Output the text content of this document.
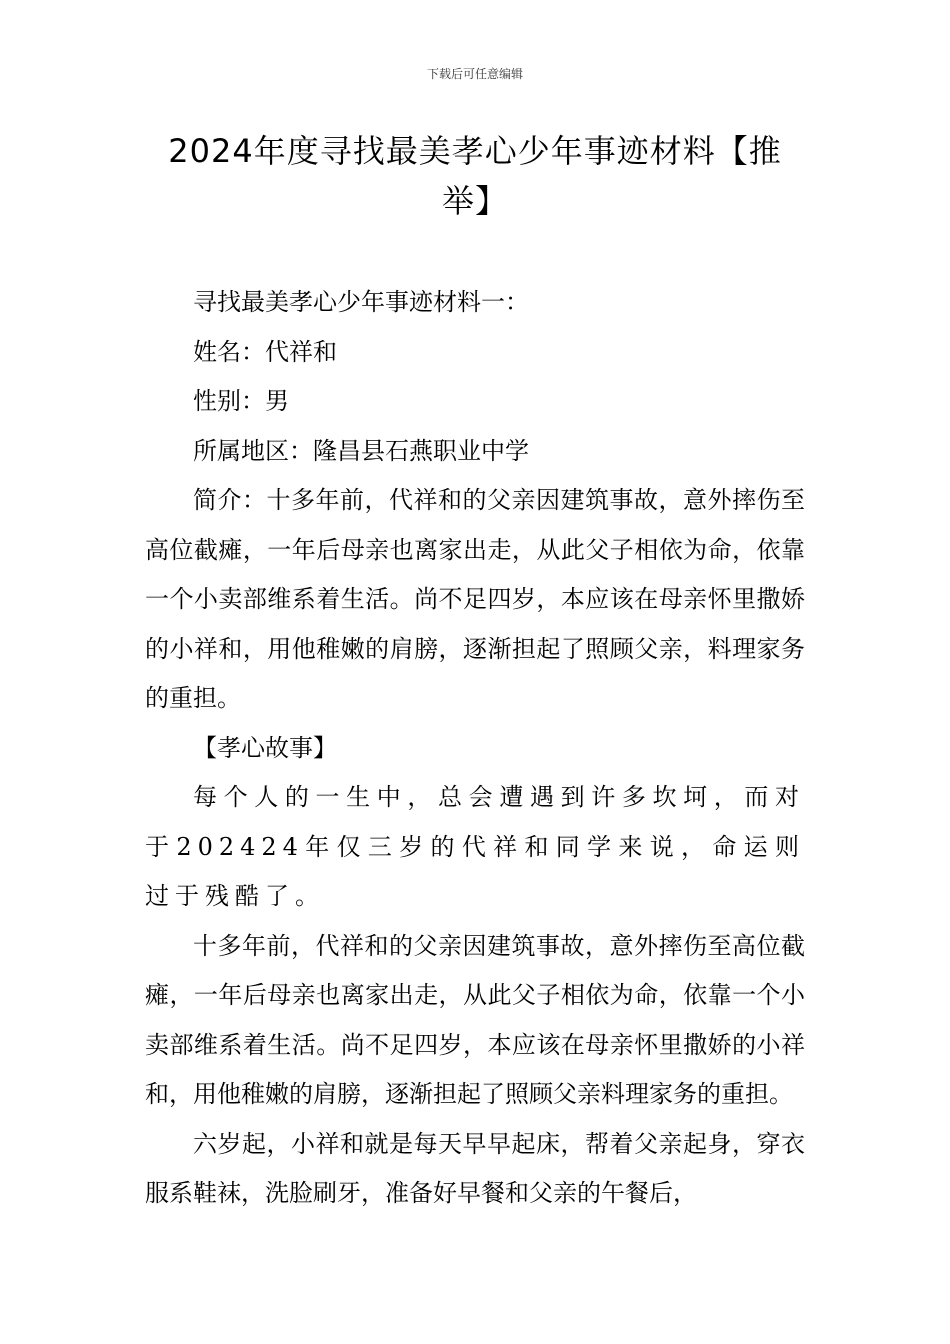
下载后可任意编辑
2024年度寻找最美孝心少年事迹材料【推举】

寻找最美孝心少年事迹材料一：

姓名：代祥和

性别：男

所属地区：隆昌县石燕职业中学

简介：十多年前，代祥和的父亲因建筑事故，意外摔伤至高位截瘫，一年后母亲也离家出走，从此父子相依为命，依靠一个小卖部维系着生活。尚不足四岁，本应该在母亲怀里撒娇的小祥和，用他稚嫩的肩膀，逐渐担起了照顾父亲，料理家务的重担。

【孝心故事】

每个人的一生中，总会遭遇到许多坎坷，而对于202424年仅三岁的代祥和同学来说，命运则过于残酷了。

十多年前，代祥和的父亲因建筑事故，意外摔伤至高位截瘫，一年后母亲也离家出走，从此父子相依为命，依靠一个小卖部维系着生活。尚不足四岁，本应该在母亲怀里撒娇的小祥和，用他稚嫩的肩膀，逐渐担起了照顾父亲料理家务的重担。

六岁起，小祥和就是每天早早起床，帮着父亲起身，穿衣服系鞋袜，洗脸刷牙，准备好早餐和父亲的午餐后，
